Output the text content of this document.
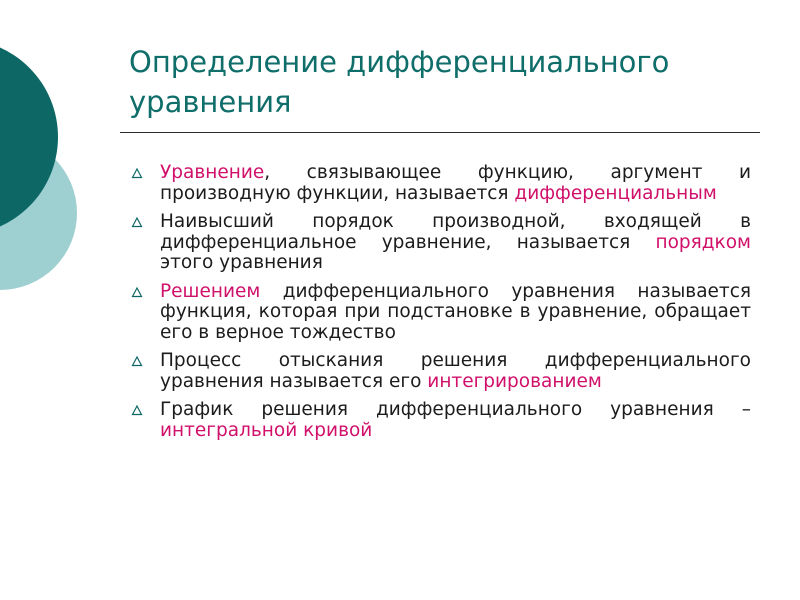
Определение дифференциального уравнения
Уравнение, связывающее функцию, аргумент и производную функции, называется дифференциальным
Наивысший порядок производной, входящей в дифференциальное уравнение, называется порядком этого уравнения
Решением дифференциального уравнения называется функция, которая при подстановке в уравнение, обращает его в верное тождество
Процесс отыскания решения дифференциального уравнения называется его интегрированием
График решения дифференциального уравнения – интегральной кривой
